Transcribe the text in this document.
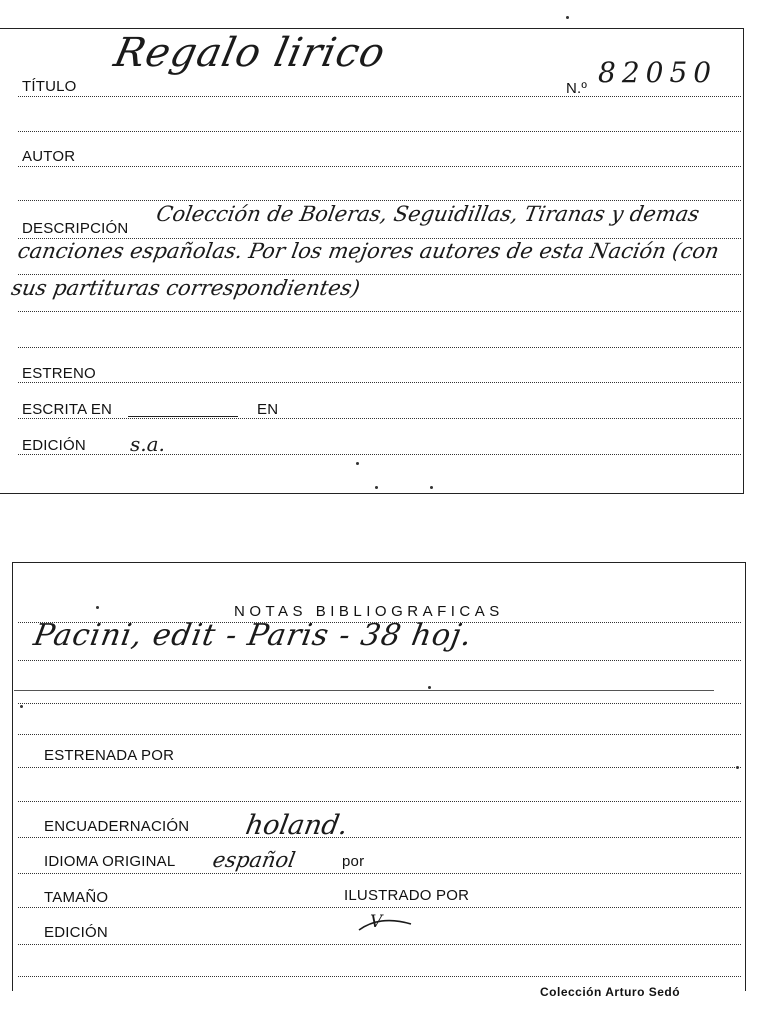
TÍTULO
Regalo lirico
N.º 82050
AUTOR
DESCRIPCIÓN
Colección de Boleras, Seguidillas, Tiranas y demas canciones españolas. Por los mejores autores de esta Nación (con sus partituras correspondientes)
ESTRENO
ESCRITA EN	EN
EDICIÓN s.a.
NOTAS BIBLIOGRAFICAS
Pacini, edit - Paris - 38 hoj.
ESTRENADA POR
ENCUADERNACIÓN holand.
IDIOMA ORIGINAL español	por
TAMAÑO	ILUSTRADO POR
EDICIÓN
V
Colección Arturo Sedó
